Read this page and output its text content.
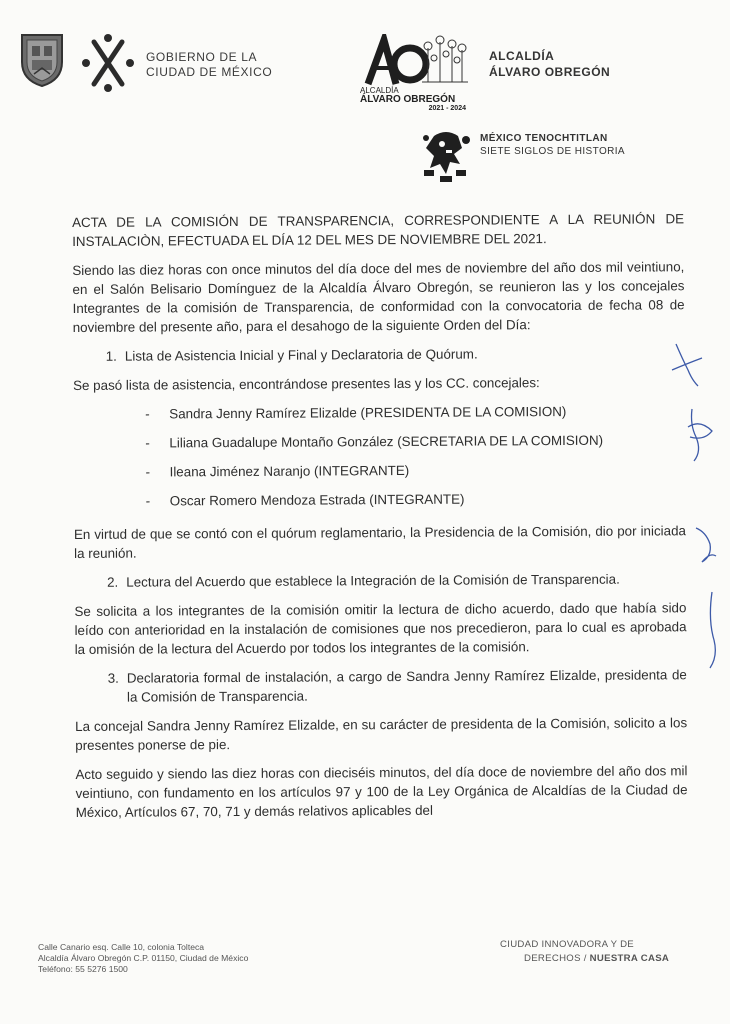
GOBIERNO DE LA
CIUDAD DE MÉXICO
ALCALDÍA
ÁLVARO OBREGÓN
2021 - 2024
ALCALDÍA
ÁLVARO OBREGÓN
MÉXICO TENOCHTITLAN
SIETE SIGLOS DE HISTORIA
ACTA DE LA COMISIÓN DE TRANSPARENCIA, CORRESPONDIENTE A LA REUNIÓN DE INSTALACIÒN, EFECTUADA EL DÍA 12 DEL MES DE NOVIEMBRE DEL 2021.

Siendo las diez horas con once minutos del día doce del mes de noviembre del año dos mil veintiuno, en el Salón Belisario Domínguez de la Alcaldía Álvaro Obregón, se reunieron las y los concejales Integrantes de la comisión de Transparencia, de conformidad con la convocatoria de fecha 08 de noviembre del presente año, para el desahogo de la siguiente Orden del Día:

1. Lista de Asistencia Inicial y Final y Declaratoria de Quórum.

Se pasó lista de asistencia, encontrándose presentes las y los CC. concejales:

-	Sandra Jenny Ramírez Elizalde (PRESIDENTA DE LA COMISION)
-	Liliana Guadalupe Montaño González (SECRETARIA DE LA COMISION)
-	Ileana Jiménez Naranjo (INTEGRANTE)
-	Oscar Romero Mendoza Estrada (INTEGRANTE)

En virtud de que se contó con el quórum reglamentario, la Presidencia de la Comisión, dio por iniciada la reunión.

2. Lectura del Acuerdo que establece la Integración de la Comisión de Transparencia.

Se solicita a los integrantes de la comisión omitir la lectura de dicho acuerdo, dado que había sido leído con anterioridad en la instalación de comisiones que nos precedieron, para lo cual es aprobada la omisión de la lectura del Acuerdo por todos los integrantes de la comisión.

3. Declaratoria formal de instalación, a cargo de Sandra Jenny Ramírez Elizalde, presidenta de la Comisión de Transparencia.

La concejal Sandra Jenny Ramírez Elizalde, en su carácter de presidenta de la Comisión, solicito a los presentes ponerse de pie.

Acto seguido y siendo las diez horas con dieciséis minutos, del día doce de noviembre del año dos mil veintiuno, con fundamento en los artículos 97 y 100 de la Ley Orgánica de Alcaldías de la Ciudad de México, Artículos 67, 70, 71 y demás relativos aplicables del

Calle Canario esq. Calle 10, colonia Tolteca
Alcaldía Álvaro Obregón C.P. 01150, Ciudad de México
Teléfono: 55 5276 1500
CIUDAD INNOVADORA Y DE
DERECHOS / NUESTRA CASA
